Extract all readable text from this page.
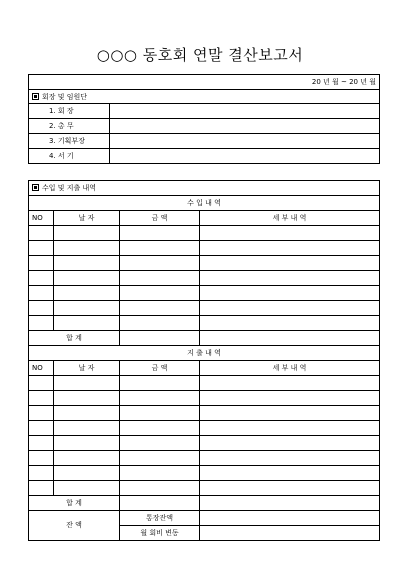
○○○ 동호회 연말 결산보고서
20 년 월 ~ 20 년 월	
회장 및 임원단	
1. 회 장	
2. 총 무	
3. 기획부장	
4. 서 기	
수입 및 지출 내역			
수 입 내 역			
NO	날 자	금 액	세 부 내 역

합 계			
지 출 내 역			
NO	날 자	금 액	세 부 내 역

합 계			
잔 액		통장잔액	
		월 회비 변동	
